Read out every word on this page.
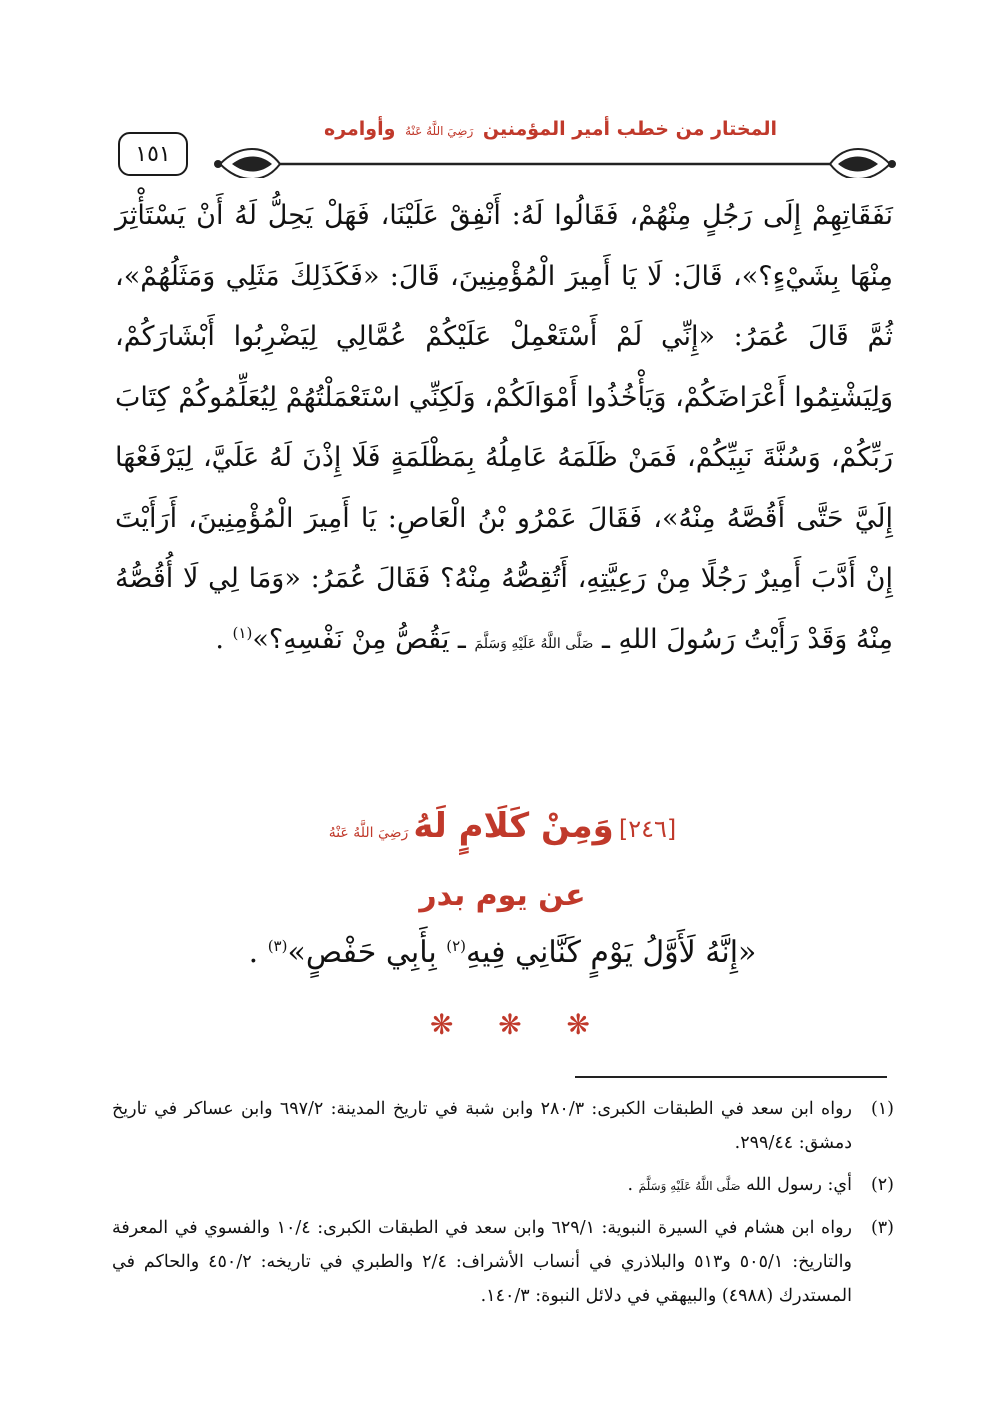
١٥١
المختار من خطب أمير المؤمنين رَضِيَ اللَّهُ عَنْهُ وأوامره
نَفَقَاتِهِمْ إِلَى رَجُلٍ مِنْهُمْ، فَقَالُوا لَهُ: أَنْفِقْ عَلَيْنَا، فَهَلْ يَحِلُّ لَهُ أَنْ يَسْتَأْثِرَ مِنْهَا بِشَيْءٍ؟»، قَالَ: لَا يَا أَمِيرَ الْمُؤْمِنِينَ، قَالَ: «فَكَذَلِكَ مَثَلِي وَمَثَلُهُمْ»، ثُمَّ قَالَ عُمَرُ: «إِنِّي لَمْ أَسْتَعْمِلْ عَلَيْكُمْ عُمَّالِي لِيَضْرِبُوا أَبْشَارَكُمْ، وَلِيَشْتِمُوا أَعْرَاضَكُمْ، وَيَأْخُذُوا أَمْوَالَكُمْ، وَلَكِنِّي اسْتَعْمَلْتُهُمْ لِيُعَلِّمُوكُمْ كِتَابَ رَبِّكُمْ، وَسُنَّةَ نَبِيِّكُمْ، فَمَنْ ظَلَمَهُ عَامِلُهُ بِمَظْلَمَةٍ فَلَا إِذْنَ لَهُ عَلَيَّ، لِيَرْفَعْهَا إِلَيَّ حَتَّى أَقُصَّهُ مِنْهُ»، فَقَالَ عَمْرُو بْنُ الْعَاصِ: يَا أَمِيرَ الْمُؤْمِنِينَ، أَرَأَيْتَ إِنْ أَدَّبَ أَمِيرٌ رَجُلًا مِنْ رَعِيَّتِهِ، أَتُقِصُّهُ مِنْهُ؟ فَقَالَ عُمَرُ: «وَمَا لِي لَا أُقُصُّهُ مِنْهُ وَقَدْ رَأَيْتُ رَسُولَ اللهِ ـ صَلَّى اللَّهُ عَلَيْهِ وَسَلَّمَ ـ يَقُصُّ مِنْ نَفْسِهِ؟»$^{(١)}$ .
[٢٤٦] وَمِنْ كَلَامٍ لَهُ رَضِيَ اللَّهُ عَنْهُ
عن يوم بدر
«إِنَّهُ لَأَوَّلُ يَوْمٍ كَنَّانِي فِيهِ$^{(٢)}$ بِأَبِي حَفْصٍ»$^{(٣)}$ .
❋ ❋ ❋
(١)
رواه ابن سعد في الطبقات الكبرى: ٢٨٠/٣ وابن شبة في تاريخ المدينة: ٦٩٧/٢ وابن عساكر في تاريخ دمشق: ٢٩٩/٤٤.
(٢)
أي: رسول الله صَلَّى اللَّهُ عَلَيْهِ وَسَلَّمَ .
(٣)
رواه ابن هشام في السيرة النبوية: ٦٢٩/١ وابن سعد في الطبقات الكبرى: ١٠/٤ والفسوي في المعرفة والتاريخ: ٥٠٥/١ و٥١٣ والبلاذري في أنساب الأشراف: ٢/٤ والطبري في تاريخه: ٤٥٠/٢ والحاكم في المستدرك (٤٩٨٨) والبيهقي في دلائل النبوة: ١٤٠/٣.
